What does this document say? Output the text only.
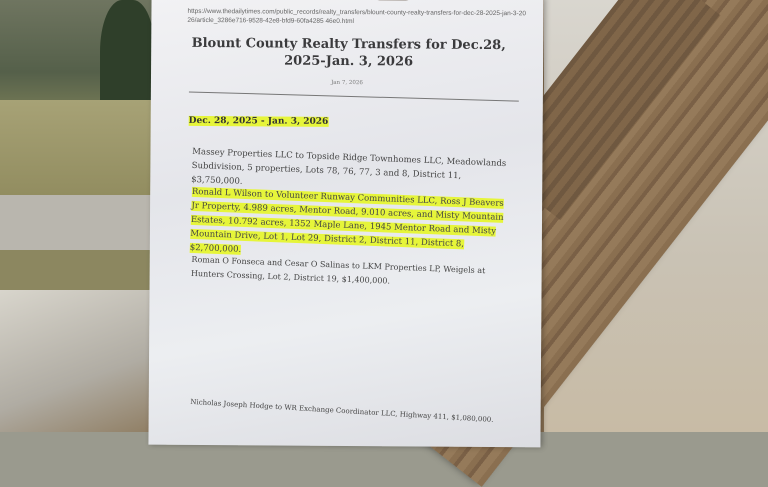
https://www.thedailytimes.com/public_records/realty_transfers/blount-county-realty-transfers-for-dec-28-2025-jan-3-2026/article_3286e716-9528-42e8-bfd9-60fa4285 46e0.html
Blount County Realty Transfers for Dec.28, 2025-Jan. 3, 2026
Jan 7, 2026
Dec. 28, 2025 - Jan. 3, 2026
Massey Properties LLC to Topside Ridge Townhomes LLC, Meadowlands Subdivision, 5 properties, Lots 78, 76, 77, 3 and 8, District 11, $3,750,000.
Ronald L Wilson to Volunteer Runway Communities LLC, Ross J Beavers Jr Property, 4.989 acres, Mentor Road, 9.010 acres, and Misty Mountain Estates, 10.792 acres, 1352 Maple Lane, 1945 Mentor Road and Misty Mountain Drive, Lot 1, Lot 29, District 2, District 11, District 8, $2,700,000.
Roman O Fonseca and Cesar O Salinas to LKM Properties LP, Weigels at Hunters Crossing, Lot 2, District 19, $1,400,000.
Nicholas Joseph Hodge to WR Exchange Coordinator LLC, Highway 411, $1,080,000.
